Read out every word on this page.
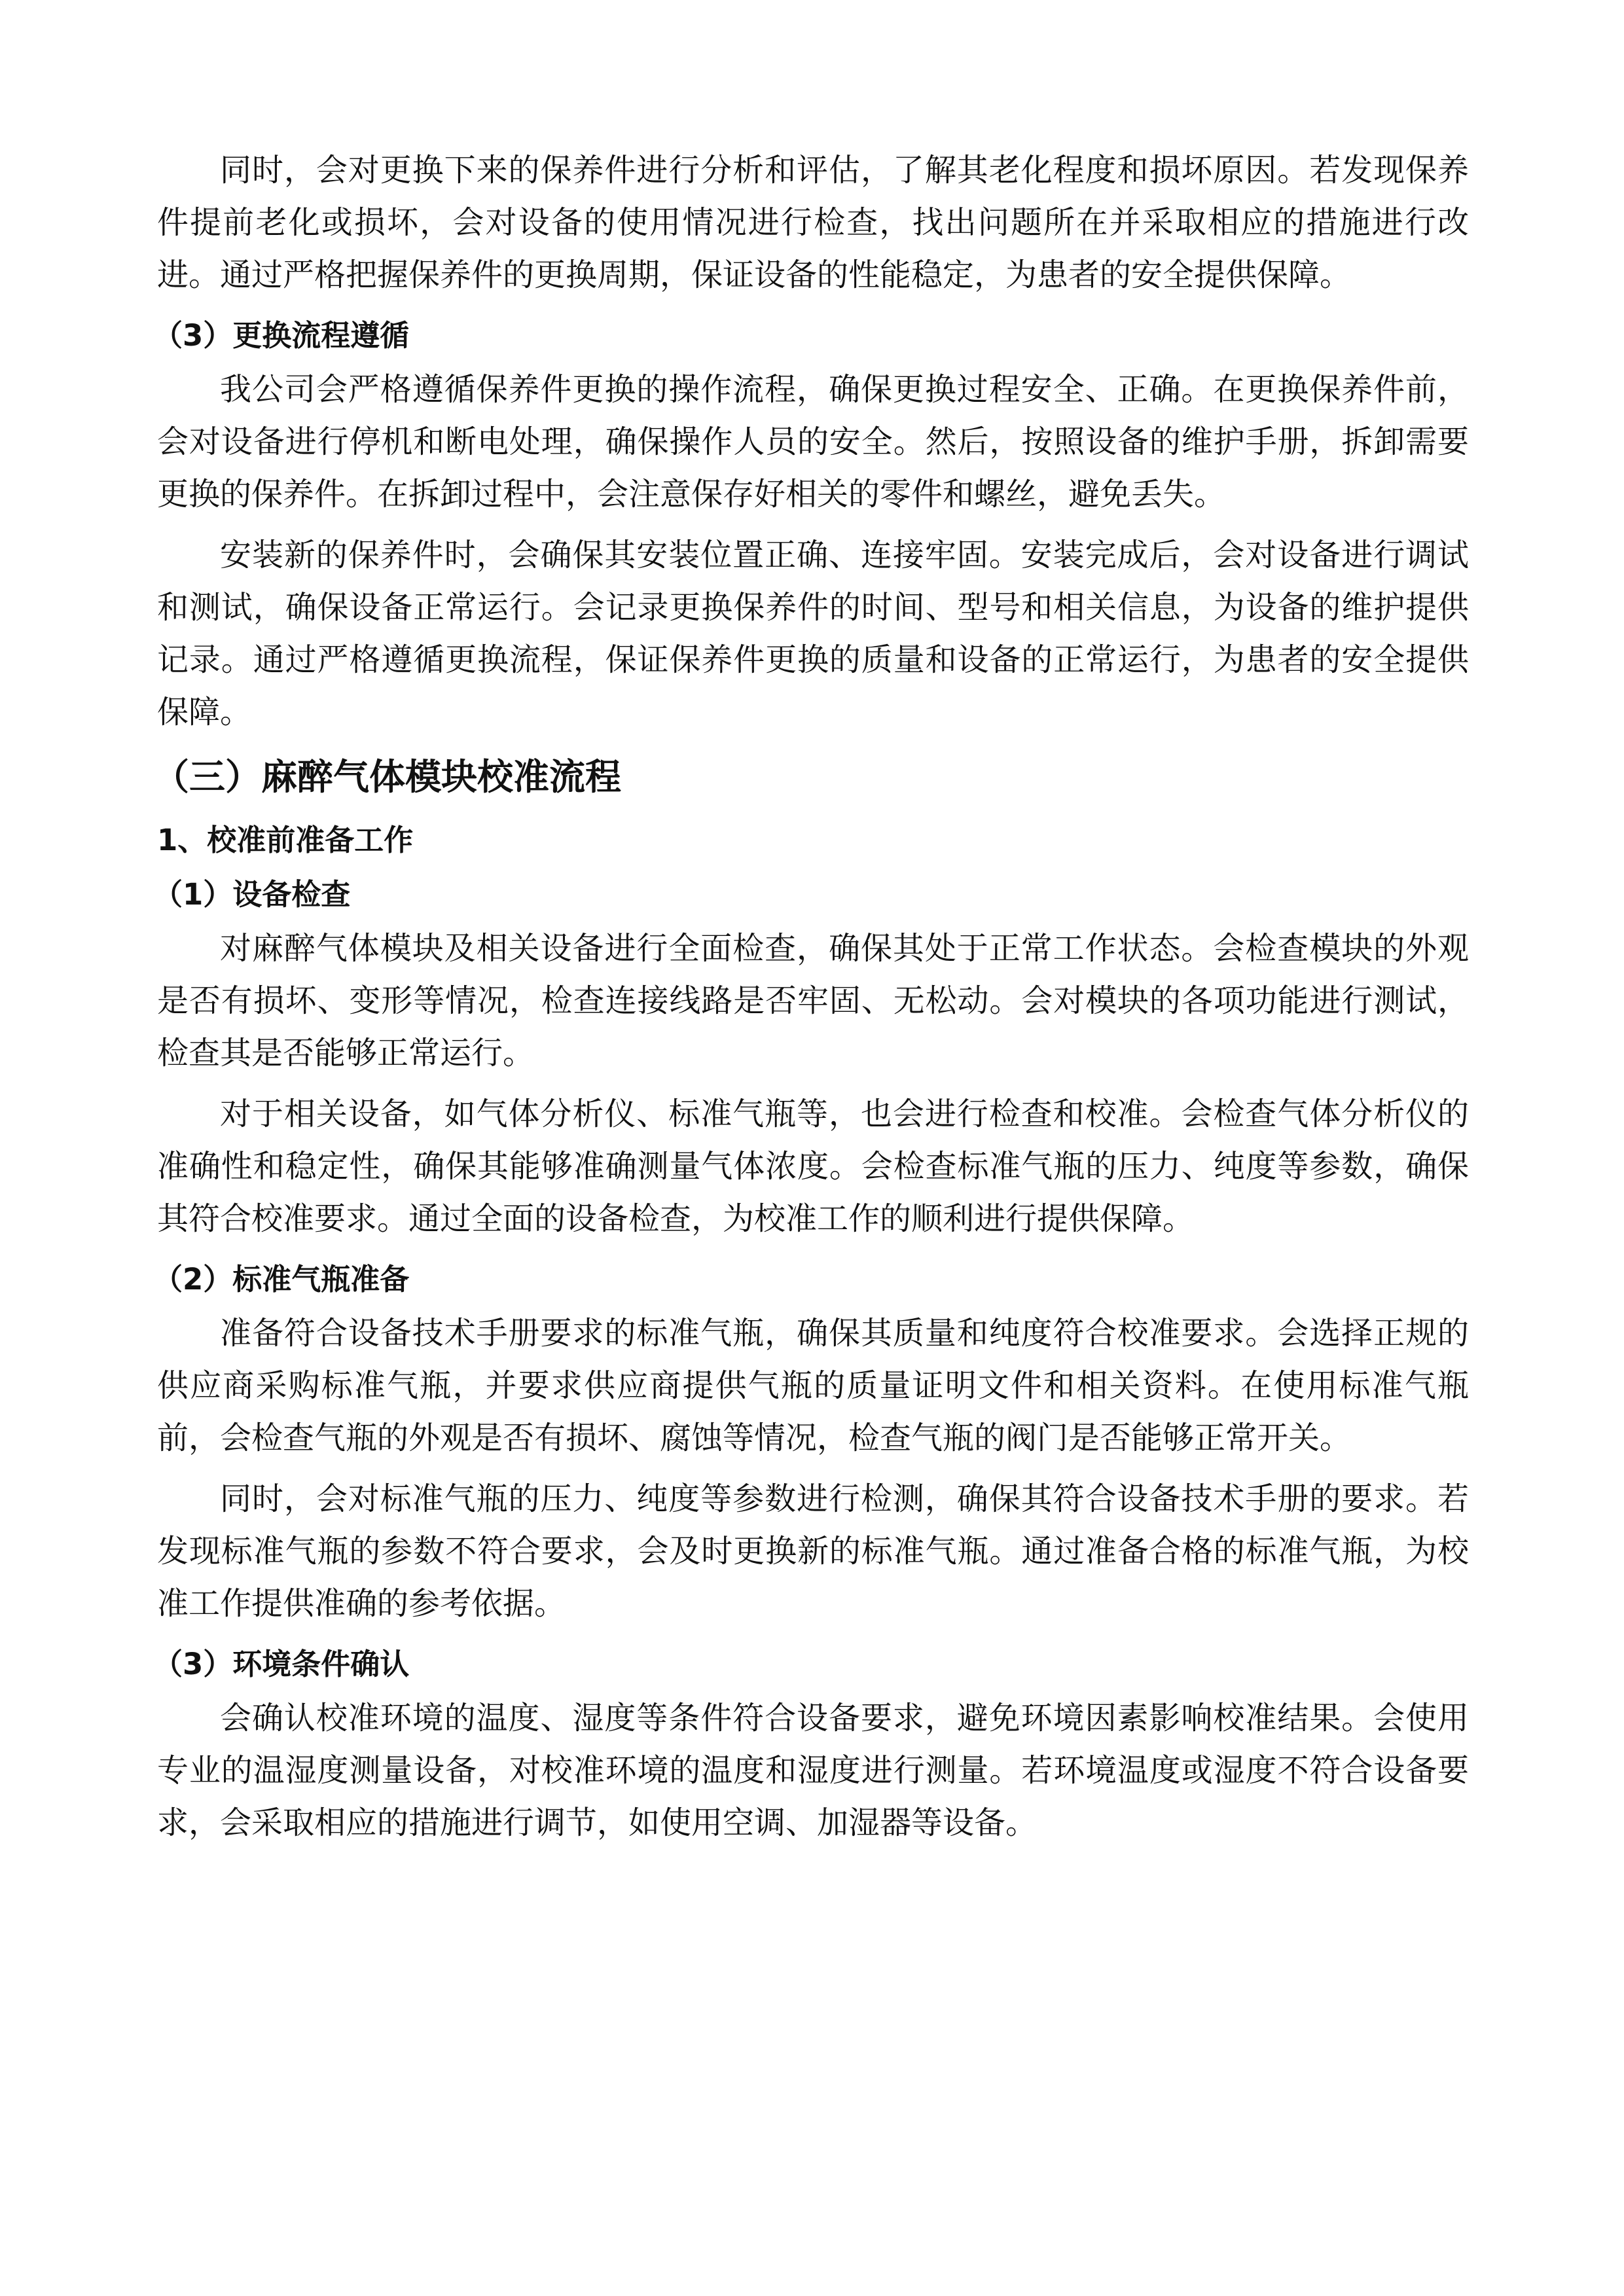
同时，会对更换下来的保养件进行分析和评估，了解其老化程度和损坏原因。若发现保养件提前老化或损坏，会对设备的使用情况进行检查，找出问题所在并采取相应的措施进行改进。通过严格把握保养件的更换周期，保证设备的性能稳定，为患者的安全提供保障。

（3）更换流程遵循

我公司会严格遵循保养件更换的操作流程，确保更换过程安全、正确。在更换保养件前，会对设备进行停机和断电处理，确保操作人员的安全。然后，按照设备的维护手册，拆卸需要更换的保养件。在拆卸过程中，会注意保存好相关的零件和螺丝，避免丢失。

安装新的保养件时，会确保其安装位置正确、连接牢固。安装完成后，会对设备进行调试和测试，确保设备正常运行。会记录更换保养件的时间、型号和相关信息，为设备的维护提供记录。通过严格遵循更换流程，保证保养件更换的质量和设备的正常运行，为患者的安全提供保障。

（三）麻醉气体模块校准流程
1、校准前准备工作
（1）设备检查

对麻醉气体模块及相关设备进行全面检查，确保其处于正常工作状态。会检查模块的外观是否有损坏、变形等情况，检查连接线路是否牢固、无松动。会对模块的各项功能进行测试，检查其是否能够正常运行。

对于相关设备，如气体分析仪、标准气瓶等，也会进行检查和校准。会检查气体分析仪的准确性和稳定性，确保其能够准确测量气体浓度。会检查标准气瓶的压力、纯度等参数，确保其符合校准要求。通过全面的设备检查，为校准工作的顺利进行提供保障。

（2）标准气瓶准备

准备符合设备技术手册要求的标准气瓶，确保其质量和纯度符合校准要求。会选择正规的供应商采购标准气瓶，并要求供应商提供气瓶的质量证明文件和相关资料。在使用标准气瓶前，会检查气瓶的外观是否有损坏、腐蚀等情况，检查气瓶的阀门是否能够正常开关。

同时，会对标准气瓶的压力、纯度等参数进行检测，确保其符合设备技术手册的要求。若发现标准气瓶的参数不符合要求，会及时更换新的标准气瓶。通过准备合格的标准气瓶，为校准工作提供准确的参考依据。

（3）环境条件确认

会确认校准环境的温度、湿度等条件符合设备要求，避免环境因素影响校准结果。会使用专业的温湿度测量设备，对校准环境的温度和湿度进行测量。若环境温度或湿度不符合设备要求，会采取相应的措施进行调节，如使用空调、加湿器等设备。
